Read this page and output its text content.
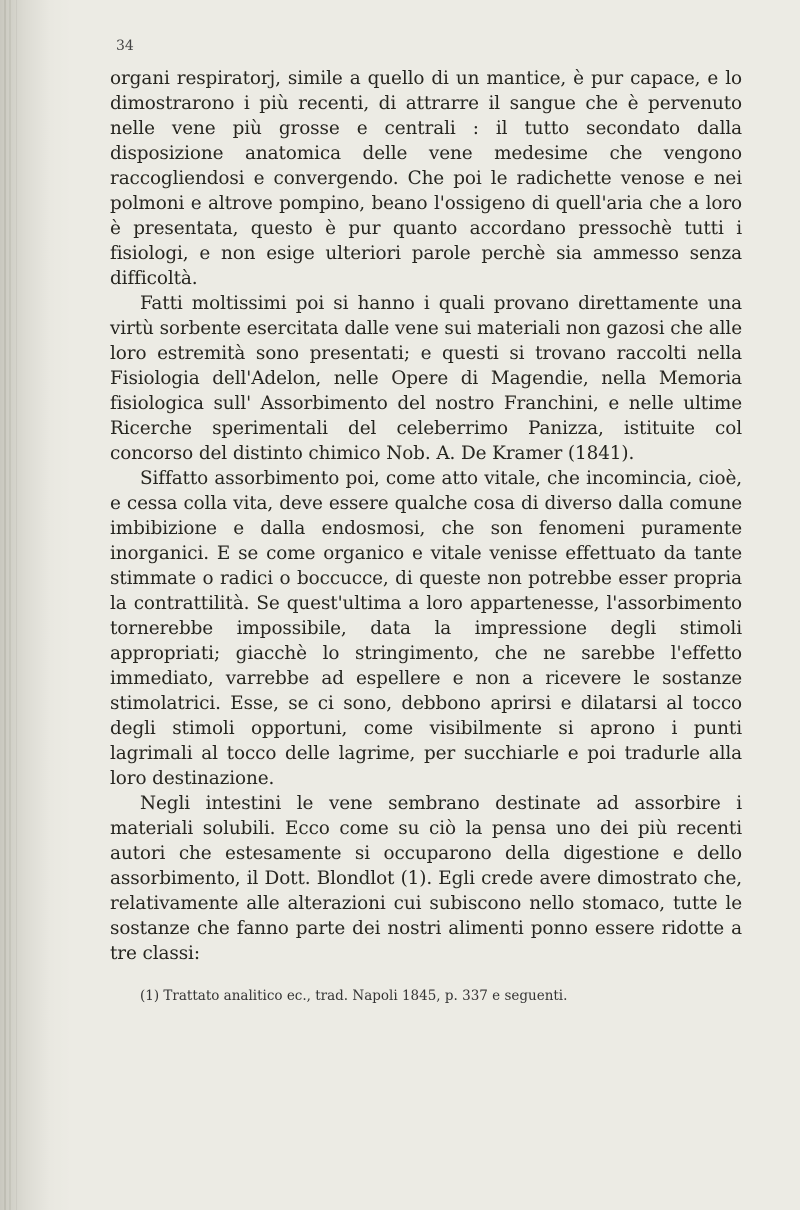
34

organi respiratorj, simile a quello di un mantice, è pur capace, e lo dimostrarono i più recenti, di attrarre il sangue che è pervenuto nelle vene più grosse e centrali : il tutto secondato dalla disposizione anatomica delle vene medesime che vengono raccogliendosi e convergendo. Che poi le radichette venose e nei polmoni e altrove pompino, beano l'ossigeno di quell'aria che a loro è presentata, questo è pur quanto accordano pressochè tutti i fisiologi, e non esige ulteriori parole perchè sia ammesso senza difficoltà.

Fatti moltissimi poi si hanno i quali provano direttamente una virtù sorbente esercitata dalle vene sui materiali non gazosi che alle loro estremità sono presentati; e questi si trovano raccolti nella Fisiologia dell'Adelon, nelle Opere di Magendie, nella Memoria fisiologica sull' Assorbimento del nostro Franchini, e nelle ultime Ricerche sperimentali del celeberrimo Panizza, istituite col concorso del distinto chimico Nob. A. De Kramer (1841).

Siffatto assorbimento poi, come atto vitale, che incomincia, cioè, e cessa colla vita, deve essere qualche cosa di diverso dalla comune imbibizione e dalla endosmosi, che son fenomeni puramente inorganici. E se come organico e vitale venisse effettuato da tante stimmate o radici o boccucce, di queste non potrebbe esser propria la contrattilità. Se quest'ultima a loro appartenesse, l'assorbimento tornerebbe impossibile, data la impressione degli stimoli appropriati; giacchè lo stringimento, che ne sarebbe l'effetto immediato, varrebbe ad espellere e non a ricevere le sostanze stimolatrici. Esse, se ci sono, debbono aprirsi e dilatarsi al tocco degli stimoli opportuni, come visibilmente si aprono i punti lagrimali al tocco delle lagrime, per succhiarle e poi tradurle alla loro destinazione.

Negli intestini le vene sembrano destinate ad assorbire i materiali solubili. Ecco come su ciò la pensa uno dei più recenti autori che estesamente si occuparono della digestione e dello assorbimento, il Dott. Blondlot (1). Egli crede avere dimostrato che, relativamente alle alterazioni cui subiscono nello stomaco, tutte le sostanze che fanno parte dei nostri alimenti ponno essere ridotte a tre classi:

(1) Trattato analitico ec., trad. Napoli 1845, p. 337 e seguenti.
